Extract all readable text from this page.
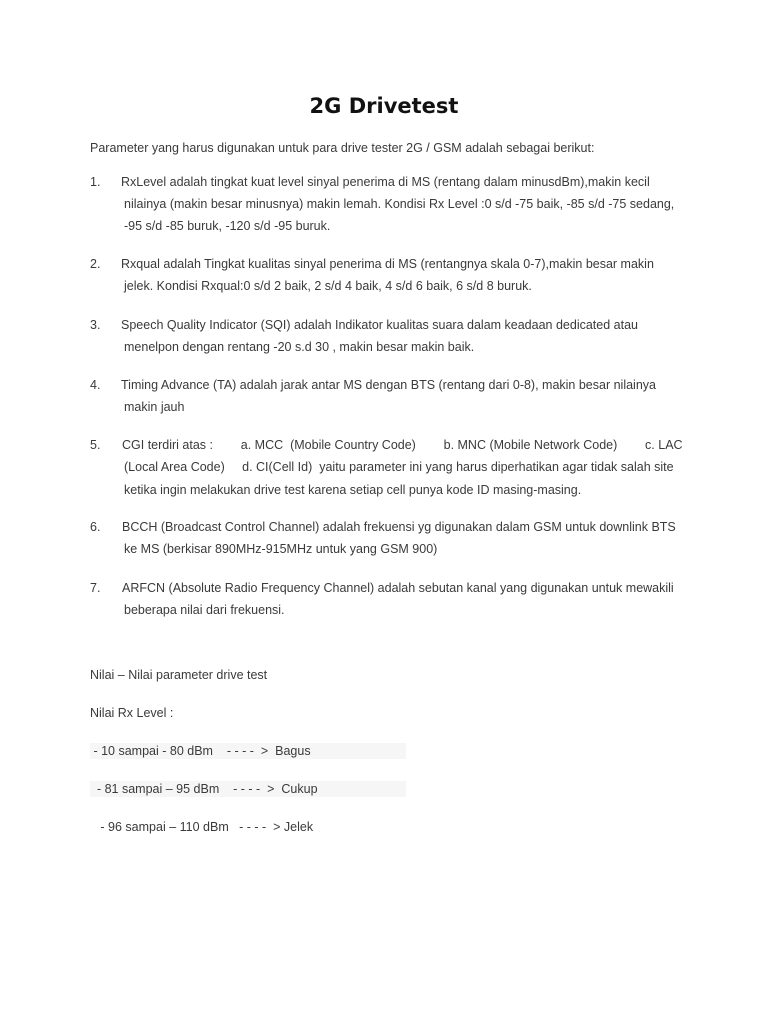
2G Drivetest
Parameter yang harus digunakan untuk para drive tester 2G / GSM adalah sebagai berikut:
1. RxLevel adalah tingkat kuat level sinyal penerima di MS (rentang dalam minusdBm),makin kecil
nilainya (makin besar minusnya) makin lemah. Kondisi Rx Level :0 s/d -75 baik, -85 s/d -75 sedang,
-95 s/d -85 buruk, -120 s/d -95 buruk.
2. Rxqual adalah Tingkat kualitas sinyal penerima di MS (rentangnya skala 0-7),makin besar makin
jelek. Kondisi Rxqual:0 s/d 2 baik, 2 s/d 4 baik, 4 s/d 6 baik, 6 s/d 8 buruk.
3. Speech Quality Indicator (SQI) adalah Indikator kualitas suara dalam keadaan dedicated atau
menelpon dengan rentang -20 s.d 30 , makin besar makin baik.
4. Timing Advance (TA) adalah jarak antar MS dengan BTS (rentang dari 0-8), makin besar nilainya
makin jauh
5. CGI terdiri atas :        a. MCC  (Mobile Country Code)        b. MNC (Mobile Network Code)        c. LAC
(Local Area Code)     d. CI(Cell Id)  yaitu parameter ini yang harus diperhatikan agar tidak salah site
ketika ingin melakukan drive test karena setiap cell punya kode ID masing-masing.
6. BCCH (Broadcast Control Channel) adalah frekuensi yg digunakan dalam GSM untuk downlink BTS
ke MS (berkisar 890MHz-915MHz untuk yang GSM 900)
7. ARFCN (Absolute Radio Frequency Channel) adalah sebutan kanal yang digunakan untuk mewakili
beberapa nilai dari frekuensi.
Nilai – Nilai parameter drive test
Nilai Rx Level :
- 10 sampai - 80 dBm    - - - -  >  Bagus
- 81 sampai – 95 dBm    - - - -  >  Cukup
- 96 sampai – 110 dBm   - - - -  > Jelek
